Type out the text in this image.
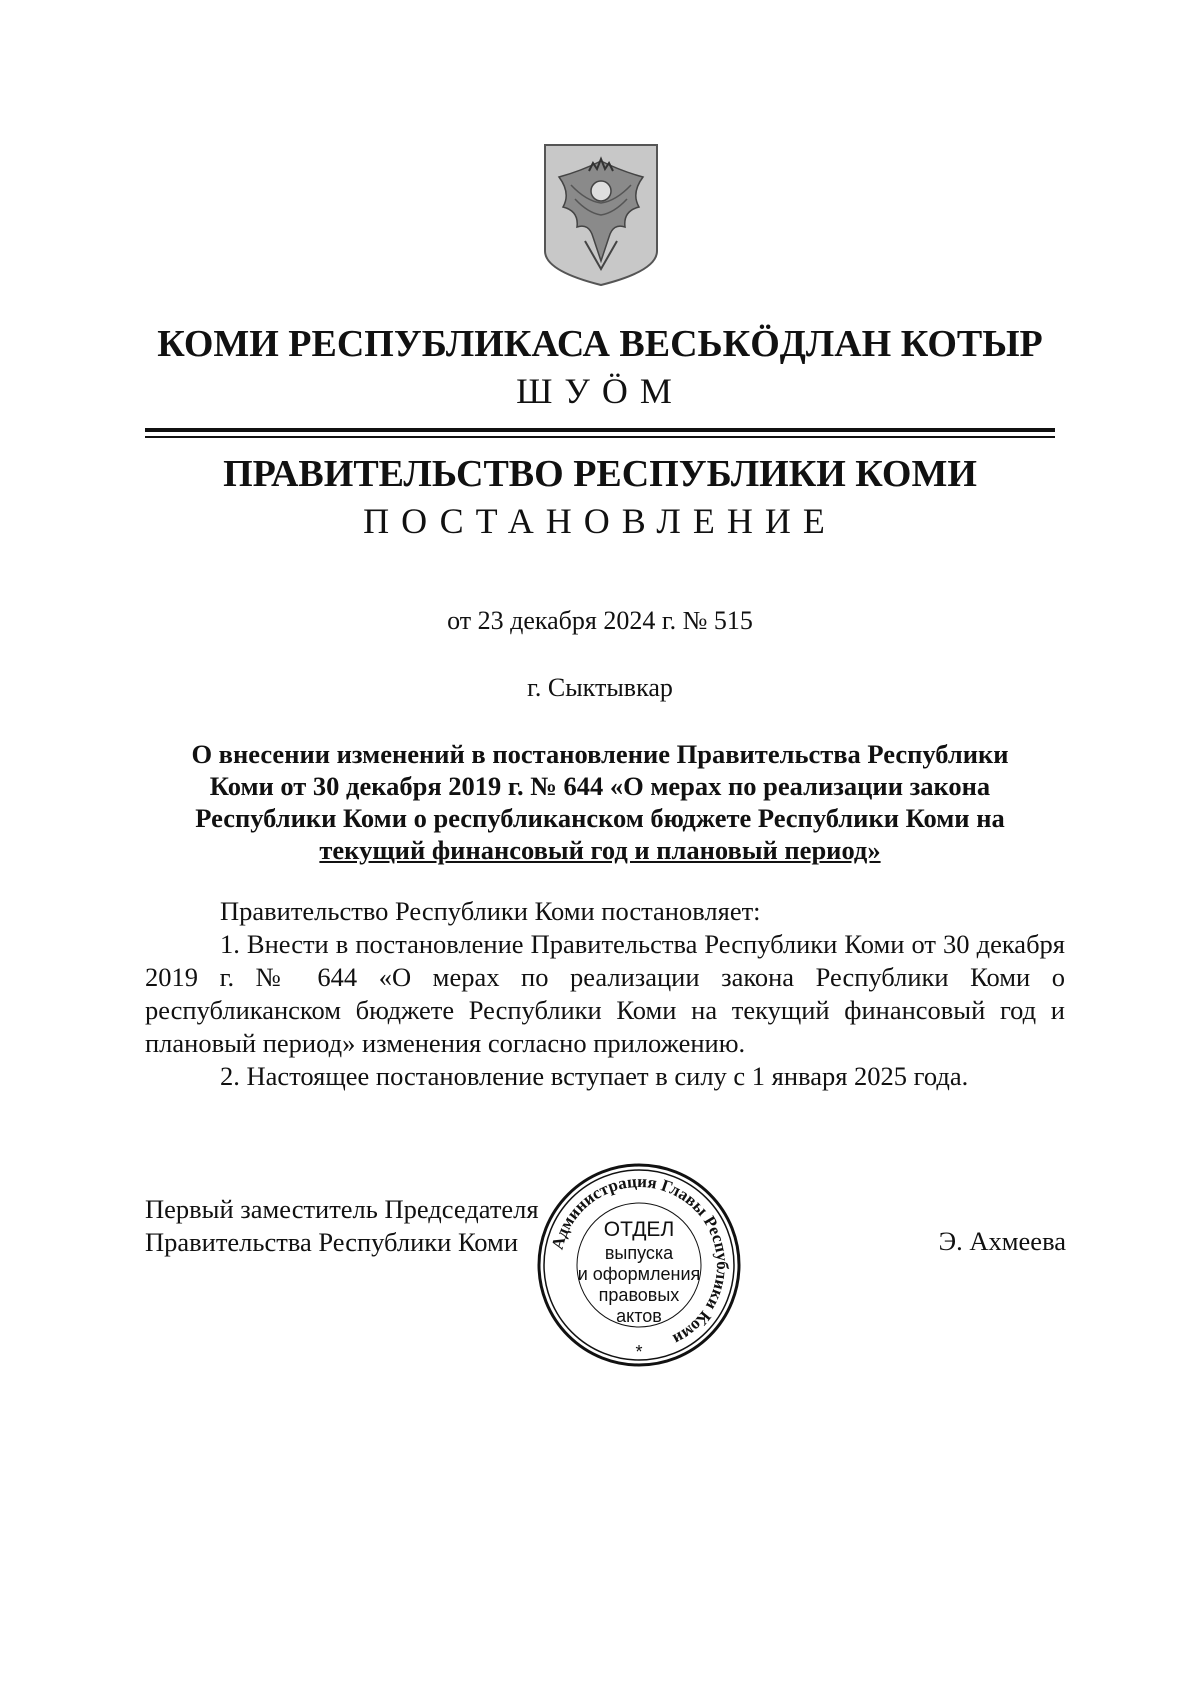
КОМИ РЕСПУБЛИКАСА ВЕСЬКӦДЛАН КОТЫР
ШУӦМ
ПРАВИТЕЛЬСТВО РЕСПУБЛИКИ КОМИ
ПОСТАНОВЛЕНИЕ
от 23 декабря 2024 г. № 515
г. Сыктывкар
О внесении изменений в постановление Правительства Республики
Коми от 30 декабря 2019 г. № 644 «О мерах по реализации закона
Республики Коми о республиканском бюджете Республики Коми на
текущий финансовый год и плановый период»

Правительство Республики Коми постановляет:

1. Внести в постановление Правительства Республики Коми от 30 декабря 2019 г. № 644 «О мерах по реализации закона Республики Коми о республиканском бюджете Республики Коми на текущий финансовый год и плановый период» изменения согласно приложению.

2. Настоящее постановление вступает в силу с 1 января 2025 года.

Первый заместитель Председателя
Правительства Республики Коми	Э. Ахмеева
Администрация Главы Республики Коми
ОТДЕЛ
выпуска
и оформления
правовых
актов
*
